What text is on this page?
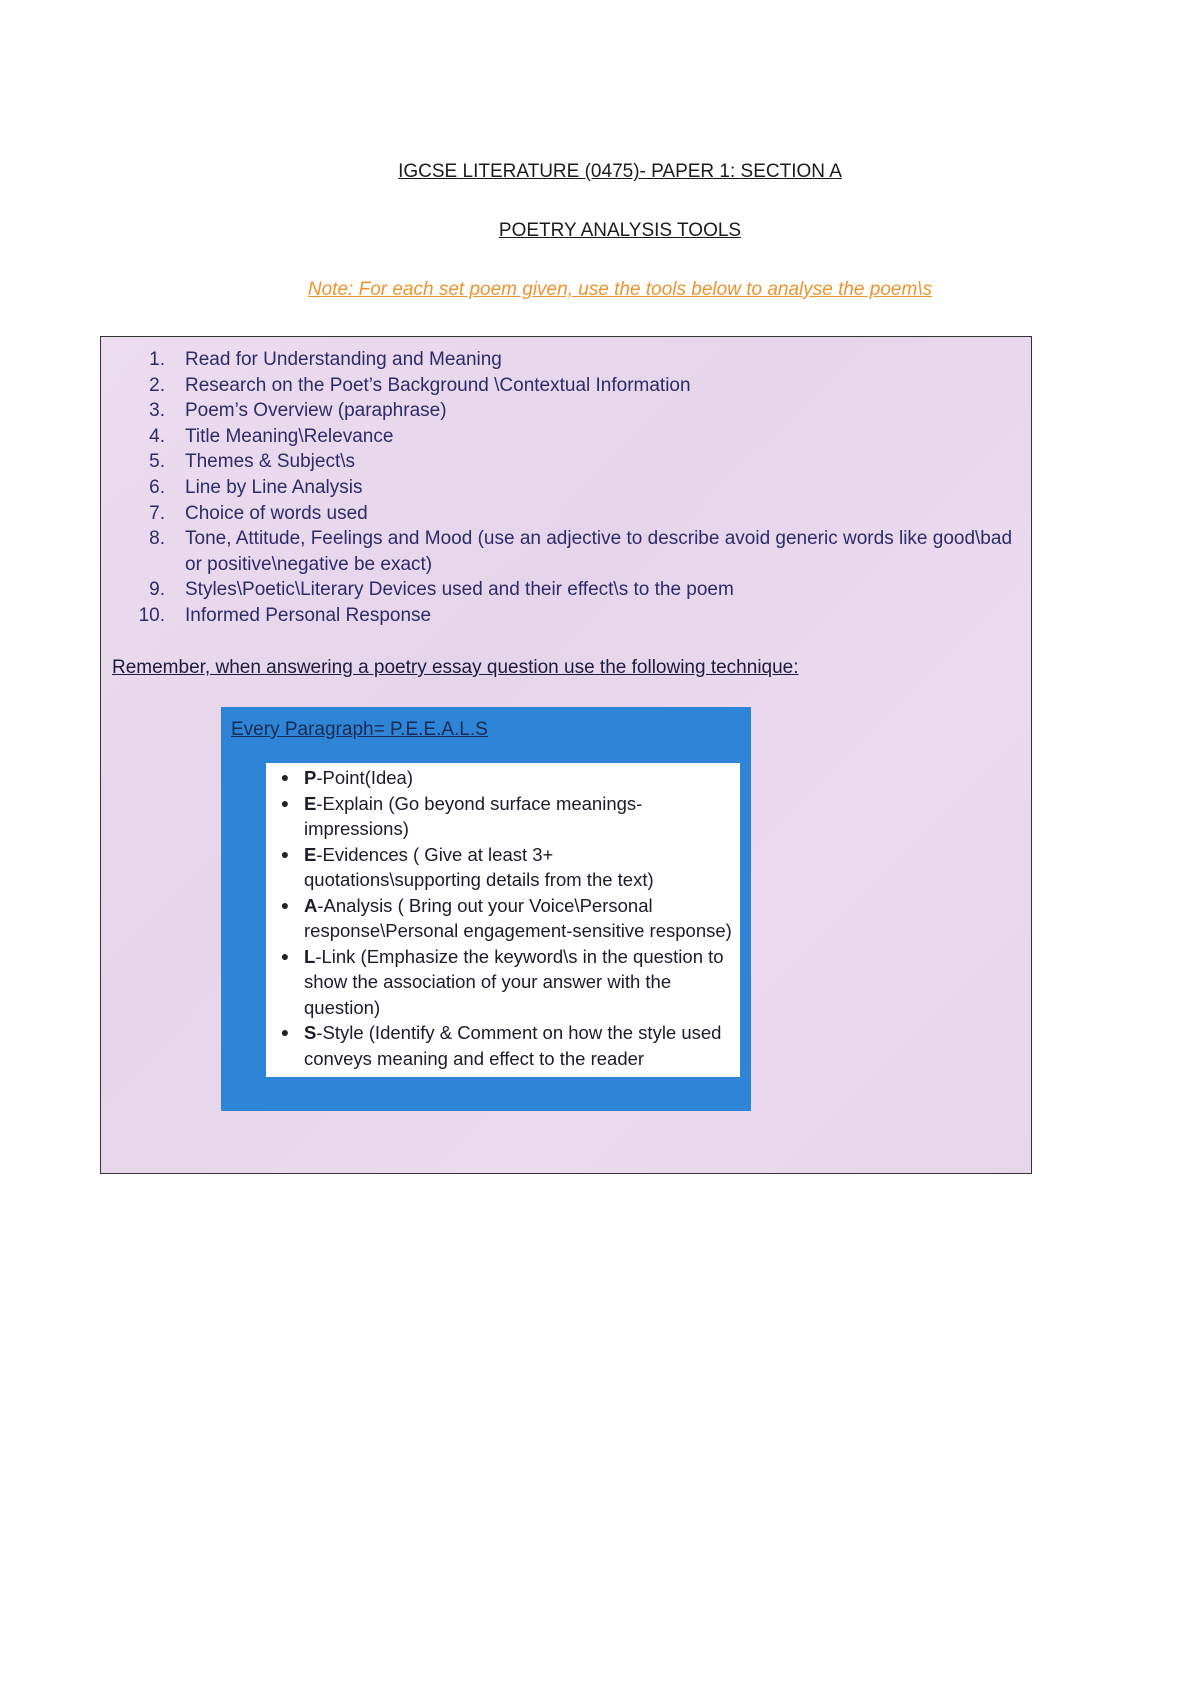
IGCSE LITERATURE (0475)- PAPER 1: SECTION A
POETRY ANALYSIS TOOLS
Note: For each set poem given, use the tools below to analyse the poem\s
1.	Read for Understanding and Meaning
2.	Research on the Poet’s Background \Contextual Information
3.	Poem’s Overview (paraphrase)
4.	Title Meaning\Relevance
5.	Themes & Subject\s
6.	Line by Line Analysis
7.	Choice of words used
8.	Tone, Attitude, Feelings and Mood (use an adjective to describe avoid generic words like good\bad or positive\negative be exact)
9.	Styles\Poetic\Literary Devices used and their effect\s to the poem
10.	Informed Personal Response
Remember, when answering a poetry essay question use the following technique:
Every Paragraph= P.E.E.A.L.S
● P-Point(Idea)
● E-Explain (Go beyond surface meanings-impressions)
● E-Evidences ( Give at least 3+ quotations\supporting details from the text)
● A-Analysis ( Bring out your Voice\Personal response\Personal engagement-sensitive response)
● L-Link (Emphasize the keyword\s in the question to show the association of your answer with the question)
● S-Style (Identify & Comment on how the style used conveys meaning and effect to the reader
